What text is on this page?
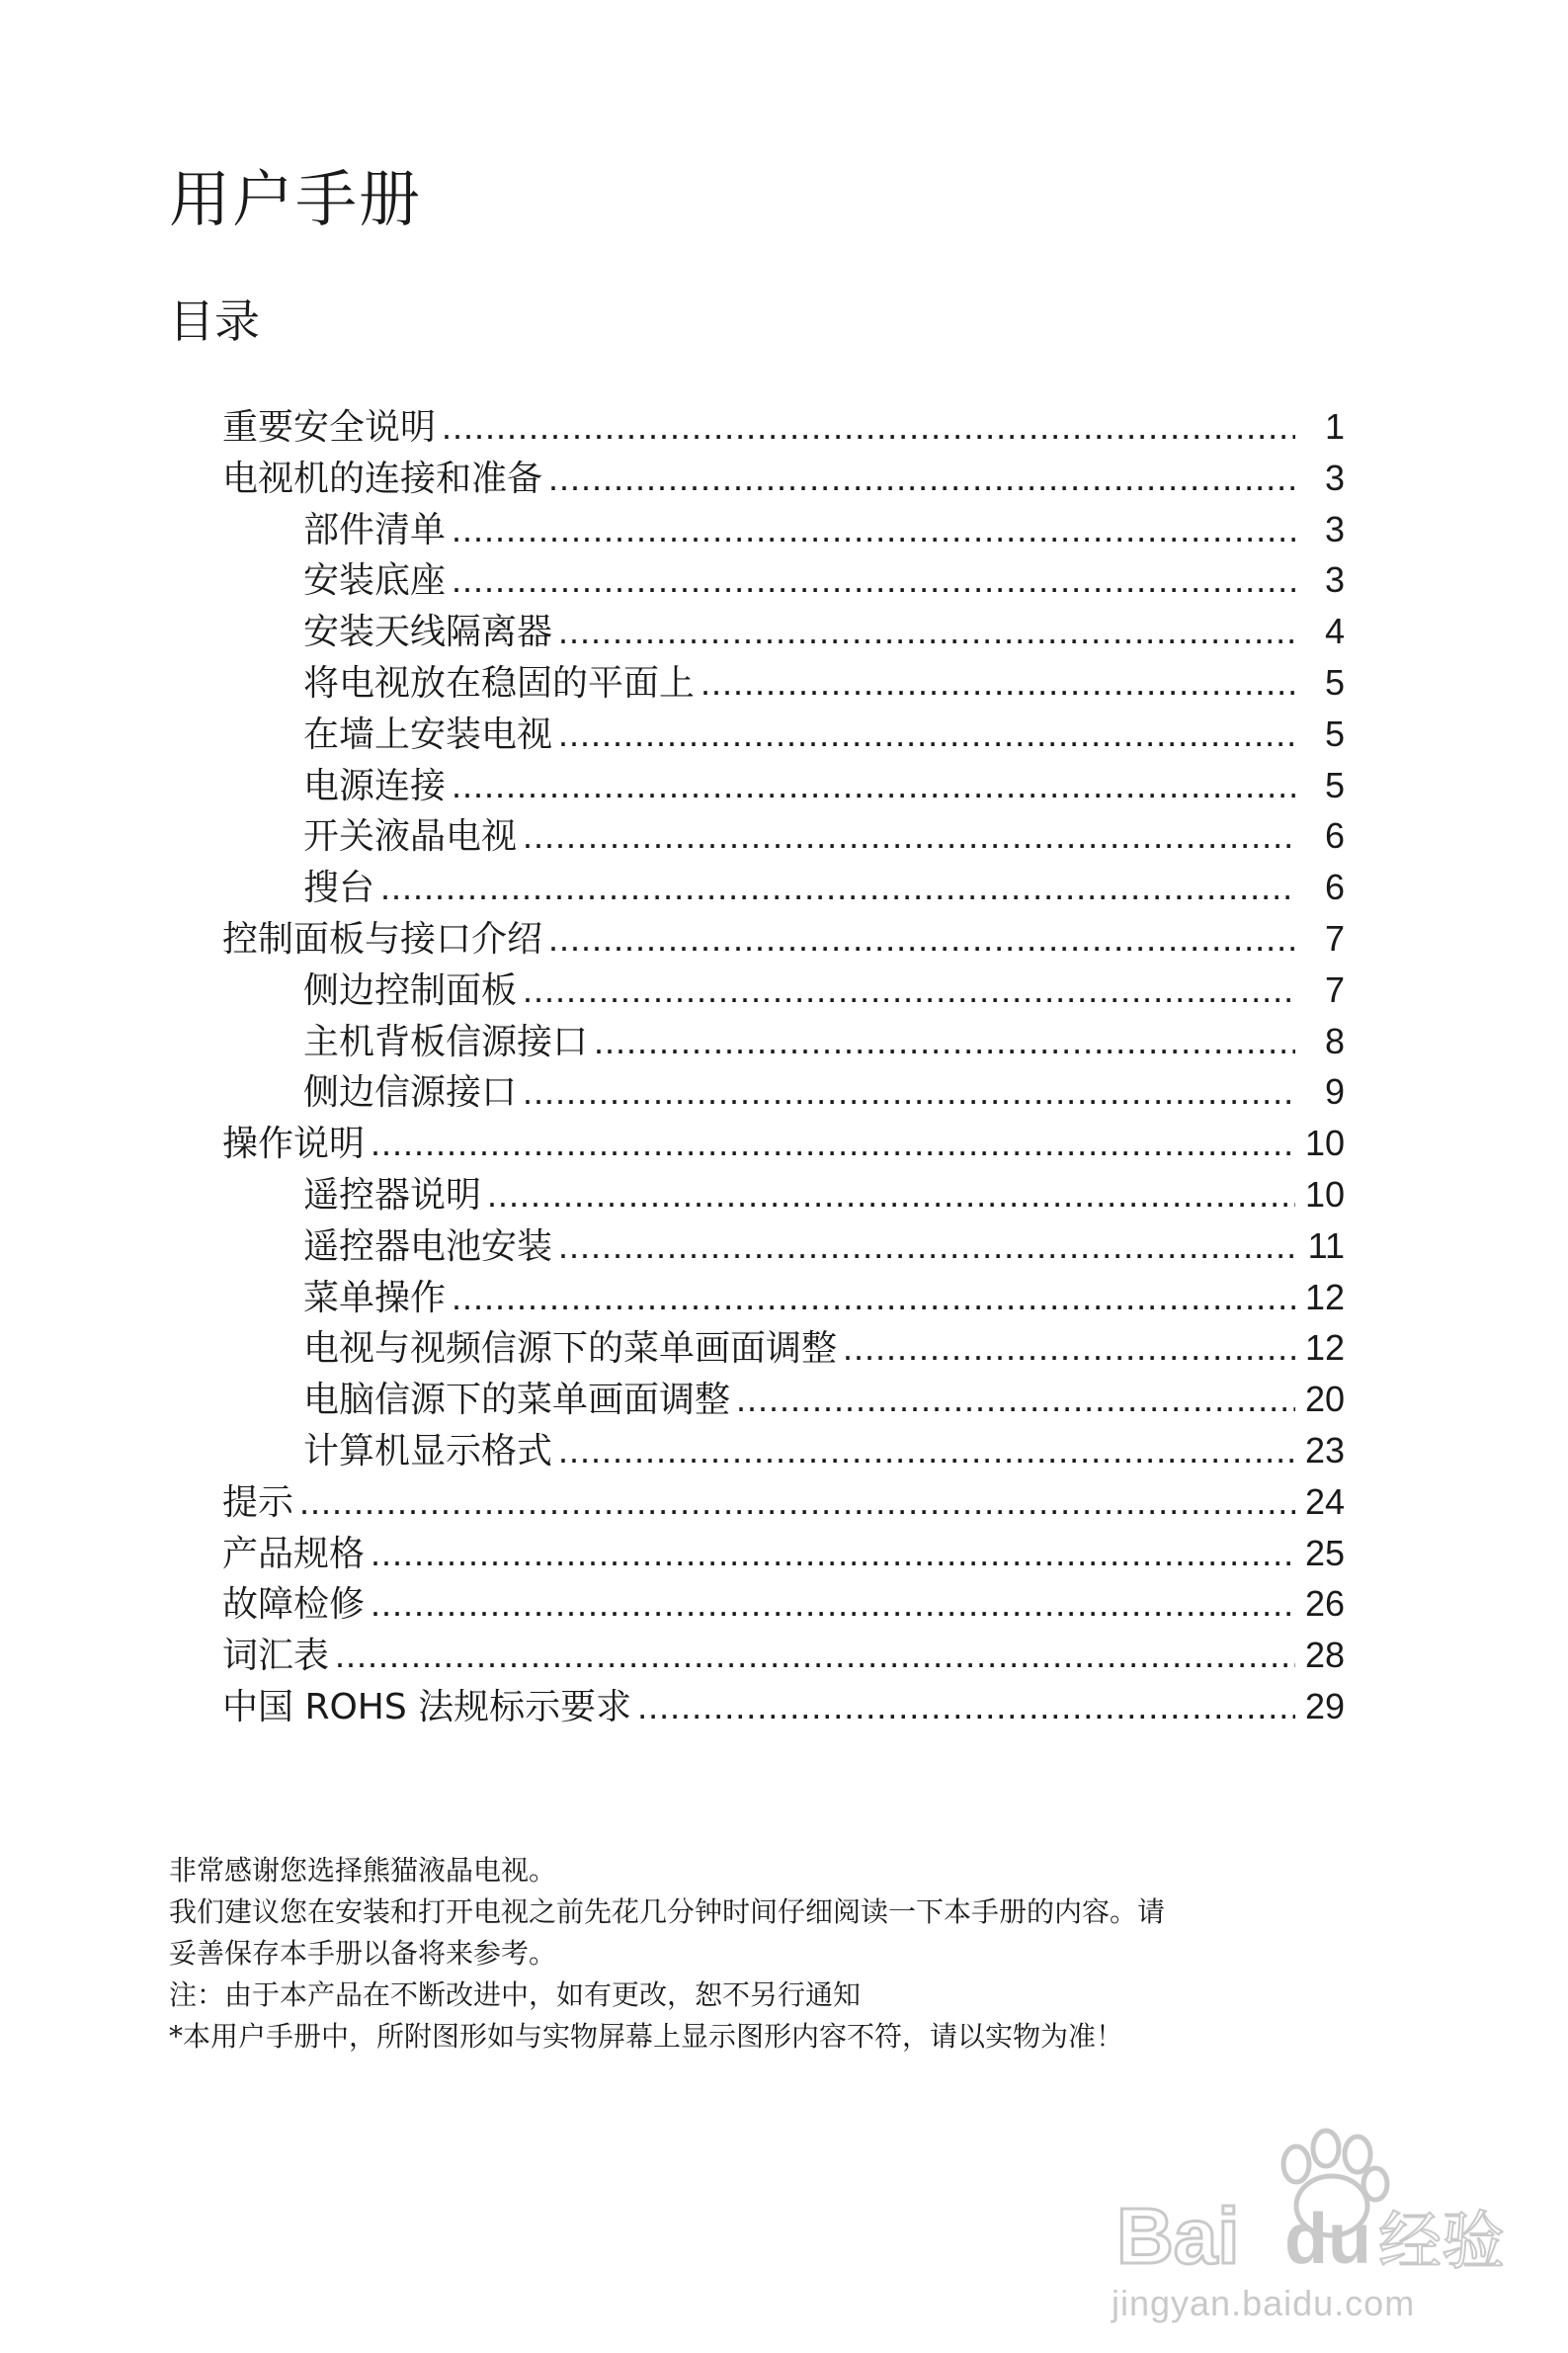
用户手册
目录
重要安全说明 .....	1
电视机的连接和准备 .....	3
部件清单 .....	3
安装底座 .....	3
安装天线隔离器 .....	4
将电视放在稳固的平面上 .....	5
在墙上安装电视 .....	5
电源连接 .....	5
开关液晶电视 .....	6
搜台 .....	6
控制面板与接口介绍 .....	7
侧边控制面板 .....	7
主机背板信源接口 .....	8
侧边信源接口 .....	9
操作说明 .....	10
遥控器说明 .....	10
遥控器电池安装 .....	11
菜单操作 .....	12
电视与视频信源下的菜单画面调整 .....	12
电脑信源下的菜单画面调整 .....	20
计算机显示格式 .....	23
提示 .....	24
产品规格 .....	25
故障检修 .....	26
词汇表 .....	28
中国 ROHS 法规标示要求 .....	29

非常感谢您选择熊猫液晶电视。

我们建议您在安装和打开电视之前先花几分钟时间仔细阅读一下本手册的内容。请

妥善保存本手册以备将来参考。

注：由于本产品在不断改进中，如有更改，恕不另行通知

*本用户手册中，所附图形如与实物屏幕上显示图形内容不符，请以实物为准！

Bai du 经验
jingyan.baidu.com
